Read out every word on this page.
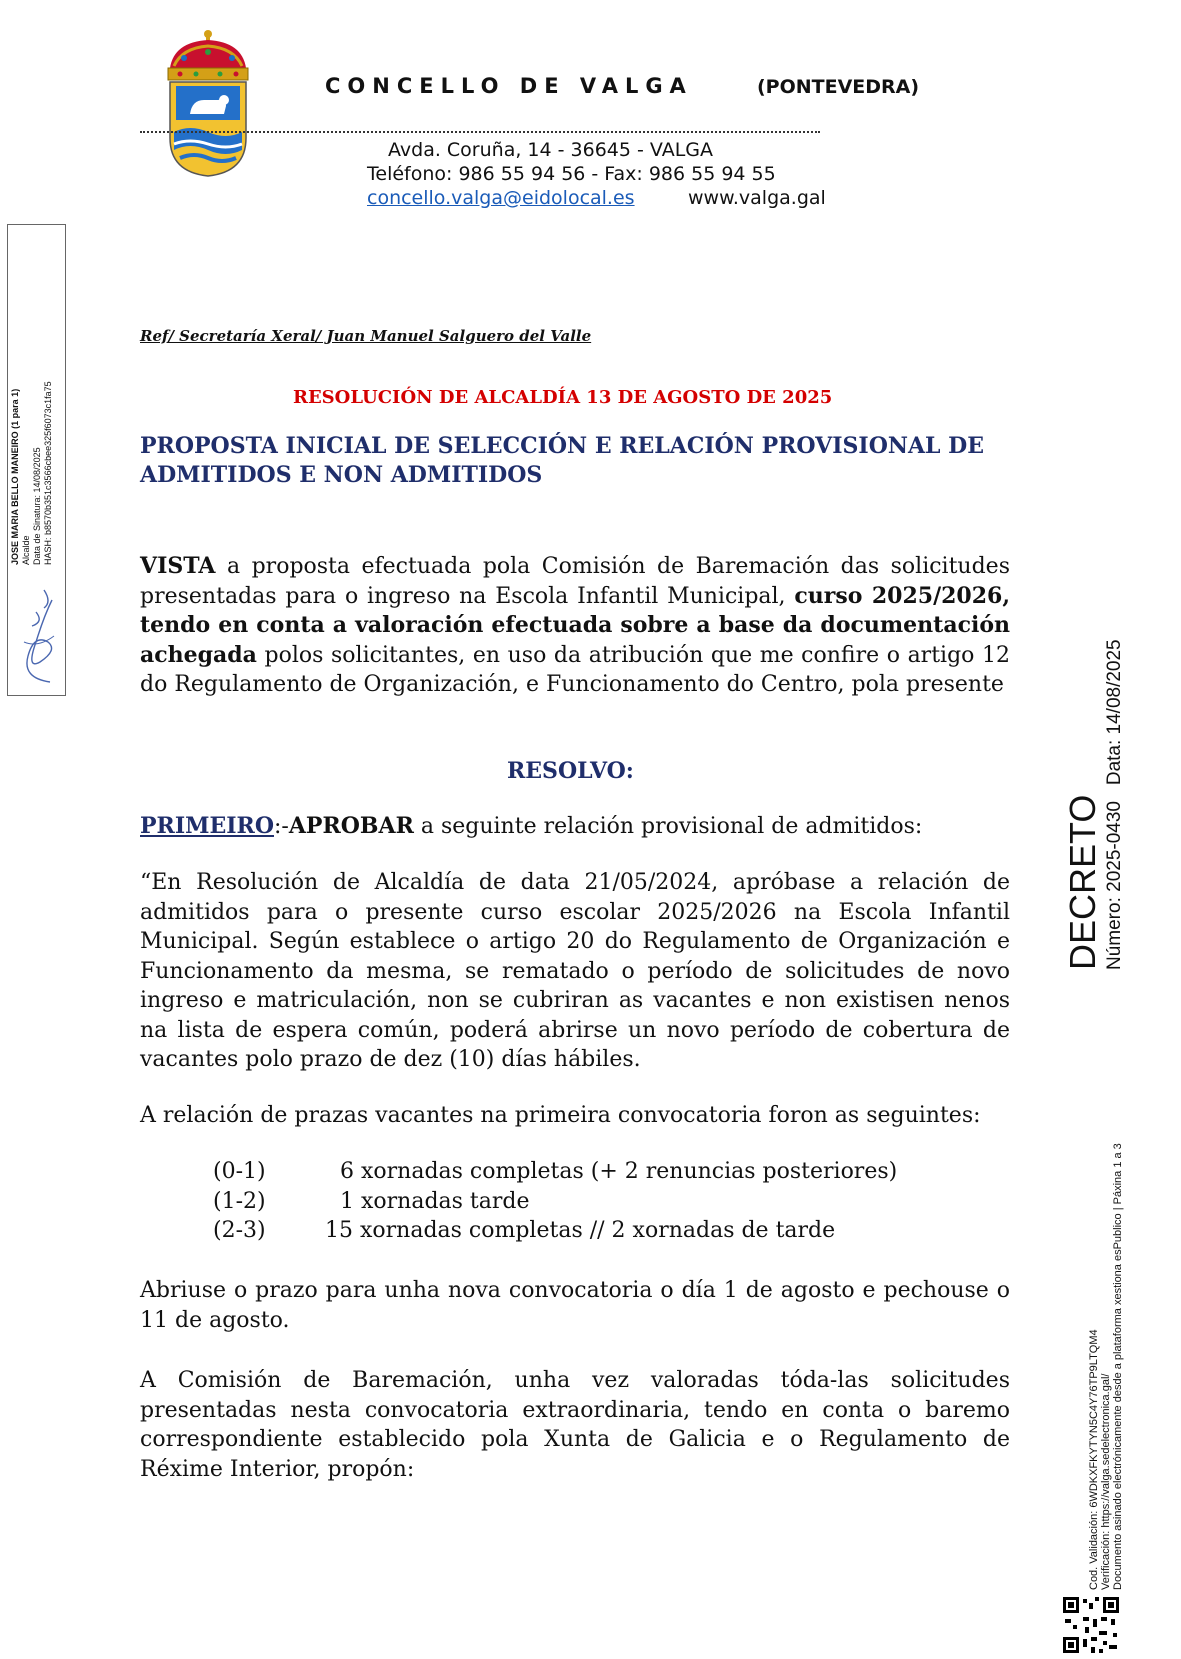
CONCELLO DE VALGA	(PONTEVEDRA)
Avda. Coruña, 14 - 36645 - VALGA
Teléfono: 986 55 94 56 - Fax: 986 55 94 55
concello.valga@eidolocal.es	www.valga.gal
JOSE MARIA BELLO MANEIRO (1 para 1) Alcalde Data de Sinatura: 14/08/2025 HASH: b8570b351c3566cbee325f6073c1fa75
DECRETO Número: 2025-0430   Data: 14/08/2025
Cod. Validación: 6WDKXFKYTYN5C4Y76TP9LTQM4 Verificación: https://valga.sedelectronica.gal/ Documento asinado electrónicamente desde a plataforma xestiona esPublico | Páxina 1 a 3
Ref/ Secretaría Xeral/ Juan Manuel Salguero del Valle
RESOLUCIÓN DE ALCALDÍA 13 DE AGOSTO DE 2025
PROPOSTA INICIAL DE SELECCIÓN E RELACIÓN PROVISIONAL DE ADMITIDOS E NON ADMITIDOS
VISTA a proposta efectuada pola Comisión de Baremación das solicitudes presentadas para o ingreso na Escola Infantil Municipal, curso 2025/2026, tendo en conta a valoración efectuada sobre a base da documentación achegada polos solicitantes, en uso da atribución que me confire o artigo 12 do Regulamento de Organización, e Funcionamento do Centro, pola presente
RESOLVO:
PRIMEIRO:-APROBAR a seguinte relación provisional de admitidos:
“En Resolución de Alcaldía de data 21/05/2024, apróbase a relación de admitidos para o presente curso escolar 2025/2026 na Escola Infantil Municipal. Según establece o artigo 20 do Regulamento de Organización e Funcionamento da mesma, se rematado o período de solicitudes de novo ingreso e matriculación, non se cubriran as vacantes e non existisen nenos na lista de espera común, poderá abrirse un novo período de cobertura de vacantes polo prazo de dez (10) días hábiles.
A relación de prazas vacantes na primeira convocatoria foron as seguintes:
(0-1)	6 xornadas completas (+ 2 renuncias posteriores)
(1-2)	1 xornadas tarde
(2-3)	15 xornadas completas // 2 xornadas de tarde
Abriuse o prazo para unha nova convocatoria o día 1 de agosto e pechouse o 11 de agosto.
A Comisión de Baremación, unha vez valoradas tóda-las solicitudes presentadas nesta convocatoria extraordinaria, tendo en conta o baremo correspondiente establecido pola Xunta de Galicia e o Regulamento de Réxime Interior, propón:
